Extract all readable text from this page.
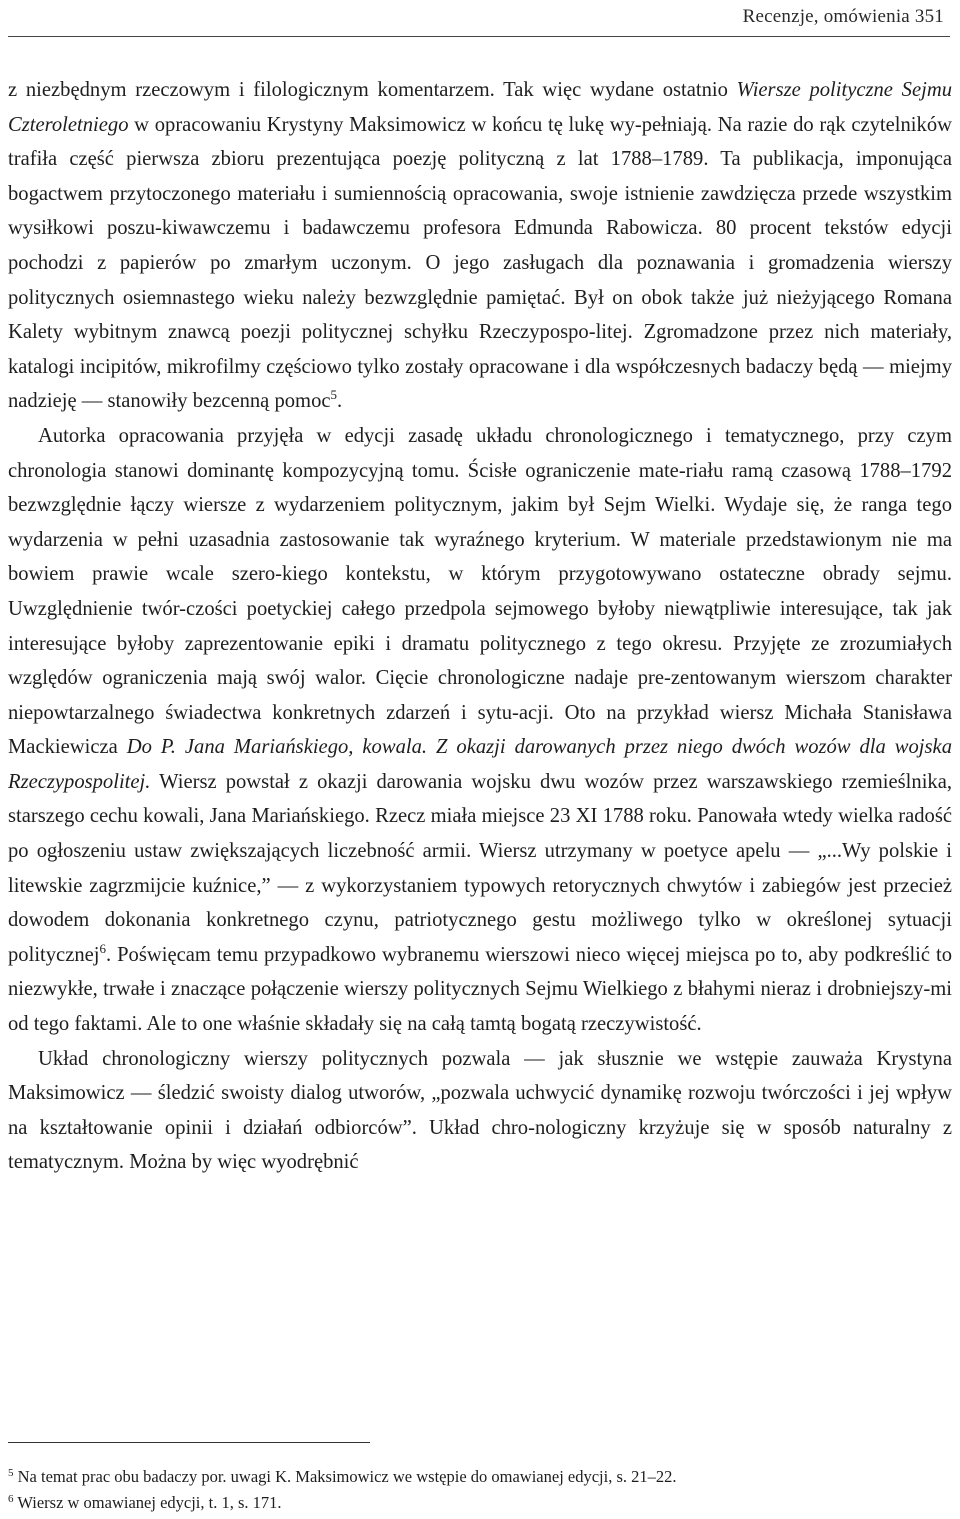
Recenzje, omówienia 351

z niezbędnym rzeczowym i filologicznym komentarzem. Tak więc wydane ostatnio Wiersze polityczne Sejmu Czteroletniego w opracowaniu Krystyny Maksimowicz w końcu tę lukę wy-pełniają. Na razie do rąk czytelników trafiła część pierwsza zbioru prezentująca poezję polityczną z lat 1788–1789. Ta publikacja, imponująca bogactwem przytoczonego materiału i sumiennością opracowania, swoje istnienie zawdzięcza przede wszystkim wysiłkowi poszu-kiwawczemu i badawczemu profesora Edmunda Rabowicza. 80 procent tekstów edycji pochodzi z papierów po zmarłym uczonym. O jego zasługach dla poznawania i gromadzenia wierszy politycznych osiemnastego wieku należy bezwzględnie pamiętać. Był on obok także już nieżyjącego Romana Kalety wybitnym znawcą poezji politycznej schyłku Rzeczypospo-litej. Zgromadzone przez nich materiały, katalogi incipitów, mikrofilmy częściowo tylko zostały opracowane i dla współczesnych badaczy będą — miejmy nadzieję — stanowiły bezcenną pomoc$^5$.

Autorka opracowania przyjęła w edycji zasadę układu chronologicznego i tematycznego, przy czym chronologia stanowi dominantę kompozycyjną tomu. Ścisłe ograniczenie mate-riału ramą czasową 1788–1792 bezwzględnie łączy wiersze z wydarzeniem politycznym, jakim był Sejm Wielki. Wydaje się, że ranga tego wydarzenia w pełni uzasadnia zastosowanie tak wyraźnego kryterium. W materiale przedstawionym nie ma bowiem prawie wcale szero-kiego kontekstu, w którym przygotowywano ostateczne obrady sejmu. Uwzględnienie twór-czości poetyckiej całego przedpola sejmowego byłoby niewątpliwie interesujące, tak jak interesujące byłoby zaprezentowanie epiki i dramatu politycznego z tego okresu. Przyjęte ze zrozumiałych względów ograniczenia mają swój walor. Cięcie chronologiczne nadaje pre-zentowanym wierszom charakter niepowtarzalnego świadectwa konkretnych zdarzeń i sytu-acji. Oto na przykład wiersz Michała Stanisława Mackiewicza Do P. Jana Mariańskiego, kowala. Z okazji darowanych przez niego dwóch wozów dla wojska Rzeczypospolitej. Wiersz powstał z okazji darowania wojsku dwu wozów przez warszawskiego rzemieślnika, starszego cechu kowali, Jana Mariańskiego. Rzecz miała miejsce 23 XI 1788 roku. Panowała wtedy wielka radość po ogłoszeniu ustaw zwiększających liczebność armii. Wiersz utrzymany w poetyce apelu — „...Wy polskie i litewskie zagrzmijcie kuźnice,” — z wykorzystaniem typowych retorycznych chwytów i zabiegów jest przecież dowodem dokonania konkretnego czynu, patriotycznego gestu możliwego tylko w określonej sytuacji politycznej$^6$. Poświęcam temu przypadkowo wybranemu wierszowi nieco więcej miejsca po to, aby podkreślić to niezwykłe, trwałe i znaczące połączenie wierszy politycznych Sejmu Wielkiego z błahymi nieraz i drobniejszy-mi od tego faktami. Ale to one właśnie składały się na całą tamtą bogatą rzeczywistość.

Układ chronologiczny wierszy politycznych pozwala — jak słusznie we wstępie zauważa Krystyna Maksimowicz — śledzić swoisty dialog utworów, „pozwala uchwycić dynamikę rozwoju twórczości i jej wpływ na kształtowanie opinii i działań odbiorców”. Układ chro-nologiczny krzyżuje się w sposób naturalny z tematycznym. Można by więc wyodrębnić

$^5$ Na temat prac obu badaczy por. uwagi K. Maksimowicz we wstępie do omawianej edycji, s. 21–22.
$^6$ Wiersz w omawianej edycji, t. 1, s. 171.
